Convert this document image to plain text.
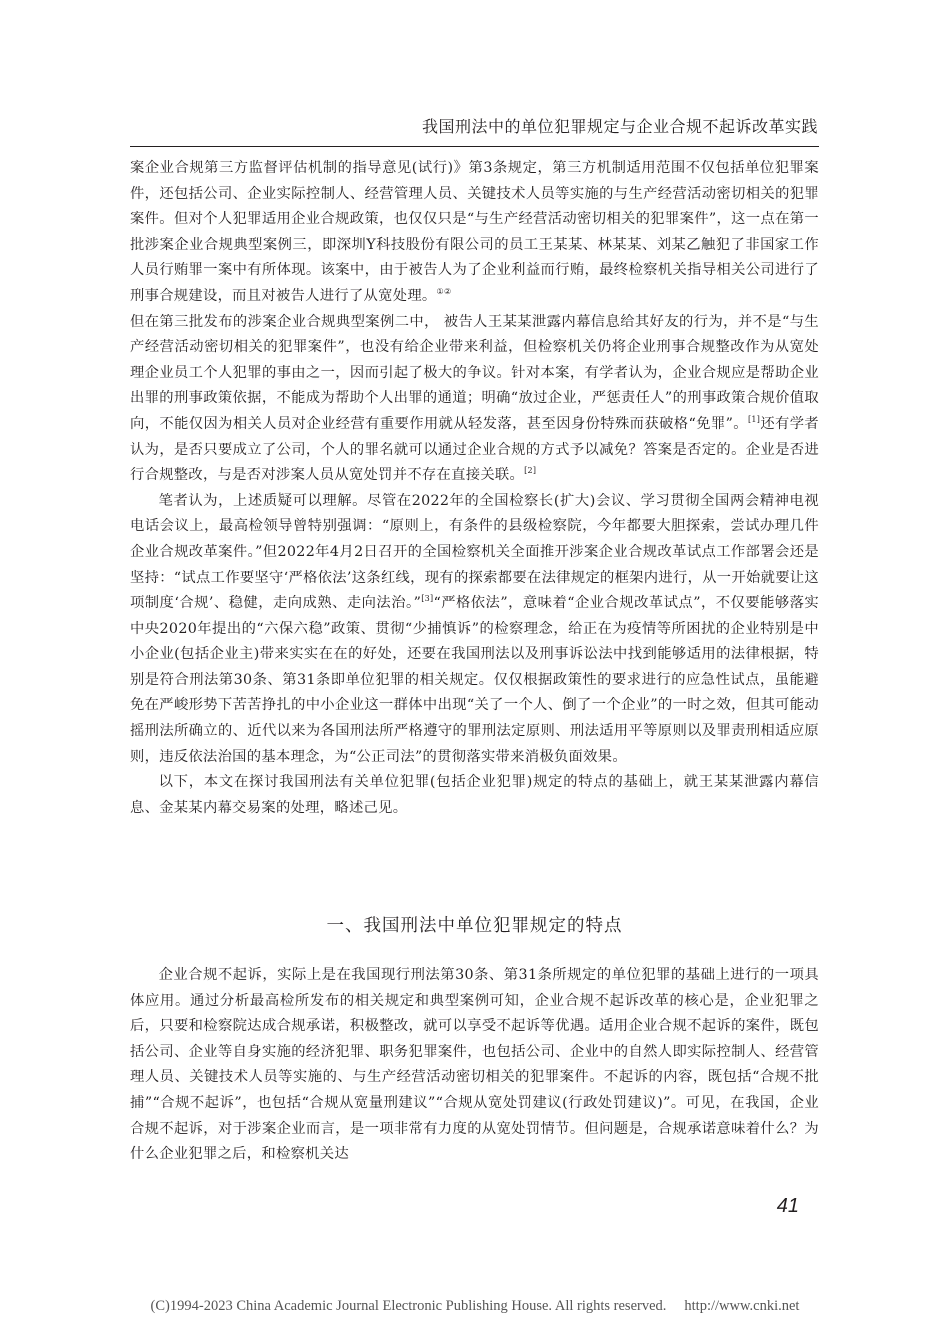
我国刑法中的单位犯罪规定与企业合规不起诉改革实践

案企业合规第三方监督评估机制的指导意见(试行)》第3条规定，第三方机制适用范围不仅包括单位犯罪案件，还包括公司、企业实际控制人、经营管理人员、关键技术人员等实施的与生产经营活动密切相关的犯罪案件。但对个人犯罪适用企业合规政策，也仅仅只是“与生产经营活动密切相关的犯罪案件”，这一点在第一批涉案企业合规典型案例三，即深圳Y科技股份有限公司的员工王某某、林某某、刘某乙触犯了非国家工作人员行贿罪一案中有所体现。该案中，由于被告人为了企业利益而行贿，最终检察机关指导相关公司进行了刑事合规建设，而且对被告人进行了从宽处理。①②

但在第三批发布的涉案企业合规典型案例二中， 被告人王某某泄露内幕信息给其好友的行为，并不是“与生产经营活动密切相关的犯罪案件”，也没有给企业带来利益，但检察机关仍将企业刑事合规整改作为从宽处理企业员工个人犯罪的事由之一，因而引起了极大的争议。针对本案，有学者认为，企业合规应是帮助企业出罪的刑事政策依据，不能成为帮助个人出罪的通道；明确“放过企业，严惩责任人”的刑事政策合规价值取向，不能仅因为相关人员对企业经营有重要作用就从轻发落，甚至因身份特殊而获破格“免罪”。[1]还有学者认为，是否只要成立了公司，个人的罪名就可以通过企业合规的方式予以减免？答案是否定的。企业是否进行合规整改，与是否对涉案人员从宽处罚并不存在直接关联。[2]

笔者认为，上述质疑可以理解。尽管在2022年的全国检察长(扩大)会议、学习贯彻全国两会精神电视电话会议上，最高检领导曾特别强调：“原则上，有条件的县级检察院，今年都要大胆探索，尝试办理几件企业合规改革案件。”但2022年4月2日召开的全国检察机关全面推开涉案企业合规改革试点工作部署会还是坚持：“试点工作要坚守‘严格依法’这条红线，现有的探索都要在法律规定的框架内进行，从一开始就要让这项制度‘合规’、稳健，走向成熟、走向法治。”[3]“严格依法”，意味着“企业合规改革试点”，不仅要能够落实中央2020年提出的“六保六稳”政策、贯彻“少捕慎诉”的检察理念，给正在为疫情等所困扰的企业特别是中小企业(包括企业主)带来实实在在的好处，还要在我国刑法以及刑事诉讼法中找到能够适用的法律根据，特别是符合刑法第30条、第31条即单位犯罪的相关规定。仅仅根据政策性的要求进行的应急性试点，虽能避免在严峻形势下苦苦挣扎的中小企业这一群体中出现“关了一个人、倒了一个企业”的一时之效，但其可能动摇刑法所确立的、近代以来为各国刑法所严格遵守的罪刑法定原则、刑法适用平等原则以及罪责刑相适应原则，违反依法治国的基本理念，为“公正司法”的贯彻落实带来消极负面效果。

以下，本文在探讨我国刑法有关单位犯罪(包括企业犯罪)规定的特点的基础上，就王某某泄露内幕信息、金某某内幕交易案的处理，略述己见。

一、我国刑法中单位犯罪规定的特点

企业合规不起诉，实际上是在我国现行刑法第30条、第31条所规定的单位犯罪的基础上进行的一项具体应用。通过分析最高检所发布的相关规定和典型案例可知，企业合规不起诉改革的核心是，企业犯罪之后，只要和检察院达成合规承诺，积极整改，就可以享受不起诉等优遇。适用企业合规不起诉的案件，既包括公司、企业等自身实施的经济犯罪、职务犯罪案件，也包括公司、企业中的自然人即实际控制人、经营管理人员、关键技术人员等实施的、与生产经营活动密切相关的犯罪案件。不起诉的内容，既包括“合规不批捕”“合规不起诉”，也包括“合规从宽量刑建议”“合规从宽处罚建议(行政处罚建议)”。可见，在我国，企业合规不起诉，对于涉案企业而言，是一项非常有力度的从宽处罚情节。但问题是，合规承诺意味着什么？为什么企业犯罪之后，和检察机关达

41
(C)1994-2023 China Academic Journal Electronic Publishing House. All rights reserved. http://www.cnki.net
